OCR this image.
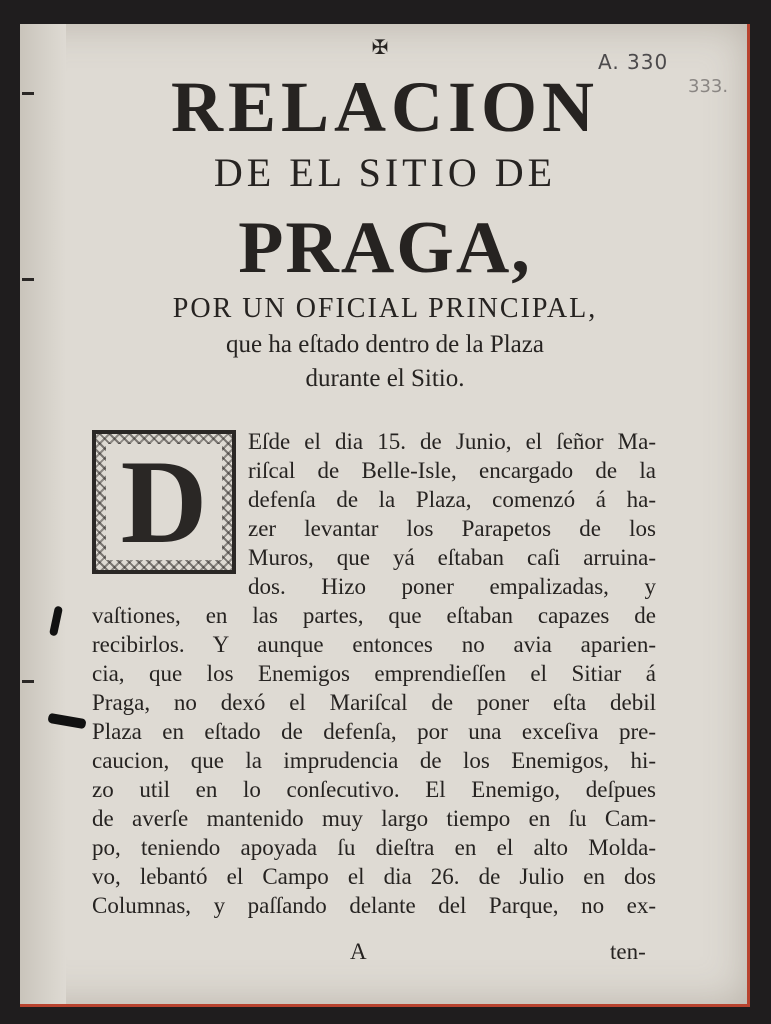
✠
A. 330
333.
RELACION
DE EL SITIO DE
PRAGA,
POR UN OFICIAL PRINCIPAL,
que ha eſtado dentro de la Plaza
durante el Sitio.
D	Eſde el dia 15. de Junio, el ſeñor Ma-
riſcal de Belle-Isle, encargado de la
defenſa de la Plaza, comenzó á ha-
zer levantar los Parapetos de los
Muros, que yá eſtaban caſi arruina-
dos. Hizo poner empalizadas, y
vaſtiones, en las partes, que eſtaban capazes de
recibirlos. Y aunque entonces no avia aparien-
cia, que los Enemigos emprendieſſen el Sitiar á
Praga, no dexó el Mariſcal de poner eſta debil
Plaza en eſtado de defenſa, por una exceſiva pre-
caucion, que la imprudencia de los Enemigos, hi-
zo util en lo conſecutivo. El Enemigo, deſpues
de averſe mantenido muy largo tiempo en ſu Cam-
po, teniendo apoyada ſu dieſtra en el alto Molda-
vo, lebantó el Campo el dia 26. de Julio en dos
Columnas, y paſſando delante del Parque, no ex-
A	ten-
